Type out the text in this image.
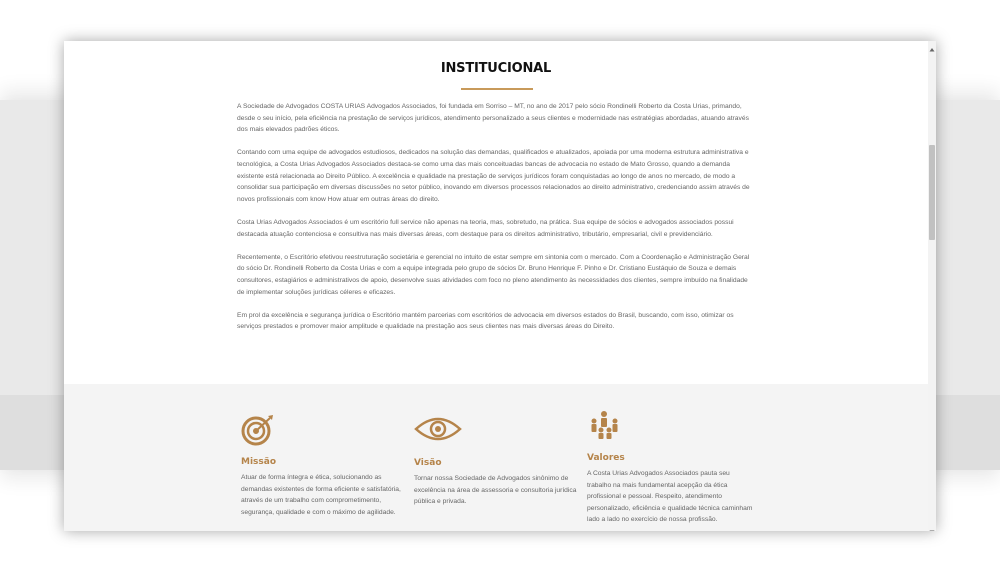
INSTITUCIONAL

A Sociedade de Advogados COSTA URIAS Advogados Associados, foi fundada em Sorriso – MT, no ano de 2017 pelo sócio Rondinelli Roberto da Costa Urias, primando, desde o seu início, pela eficiência na prestação de serviços jurídicos, atendimento personalizado a seus clientes e modernidade nas estratégias abordadas, atuando através dos mais elevados padrões éticos.

Contando com uma equipe de advogados estudiosos, dedicados na solução das demandas, qualificados e atualizados, apoiada por uma moderna estrutura administrativa e tecnológica, a Costa Urias Advogados Associados destaca-se como uma das mais conceituadas bancas de advocacia no estado de Mato Grosso, quando a demanda existente está relacionada ao Direito Público. A excelência e qualidade na prestação de serviços jurídicos foram conquistadas ao longo de anos no mercado, de modo a consolidar sua participação em diversas discussões no setor público, inovando em diversos processos relacionados ao direito administrativo, credenciando assim através de novos profissionais com know How atuar em outras áreas do direito.

Costa Urias Advogados Associados é um escritório full service não apenas na teoria, mas, sobretudo, na prática. Sua equipe de sócios e advogados associados possui destacada atuação contenciosa e consultiva nas mais diversas áreas, com destaque para os direitos administrativo, tributário, empresarial, civil e previdenciário.

Recentemente, o Escritório efetivou reestruturação societária e gerencial no intuito de estar sempre em sintonia com o mercado. Com a Coordenação e Administração Geral do sócio Dr. Rondinelli Roberto da Costa Urias e com a equipe integrada pelo grupo de sócios Dr. Bruno Henrique F. Pinho e Dr. Cristiano Eustáquio de Souza e demais consultores, estagiários e administrativos de apoio, desenvolve suas atividades com foco no pleno atendimento às necessidades dos clientes, sempre imbuído na finalidade de implementar soluções jurídicas céleres e eficazes.

Em prol da excelência e segurança jurídica o Escritório mantém parcerias com escritórios de advocacia em diversos estados do Brasil, buscando, com isso, otimizar os serviços prestados e promover maior amplitude e qualidade na prestação aos seus clientes nas mais diversas áreas do Direito.

Missão
Atuar de forma íntegra e ética, solucionando as demandas existentes de forma eficiente e satisfatória, através de um trabalho com comprometimento, segurança, qualidade e com o máximo de agilidade.
Visão
Tornar nossa Sociedade de Advogados sinônimo de excelência na área de assessoria e consultoria jurídica pública e privada.
Valores
A Costa Urias Advogados Associados pauta seu trabalho na mais fundamental acepção da ética profissional e pessoal. Respeito, atendimento personalizado, eficiência e qualidade técnica caminham lado a lado no exercício de nossa profissão.
